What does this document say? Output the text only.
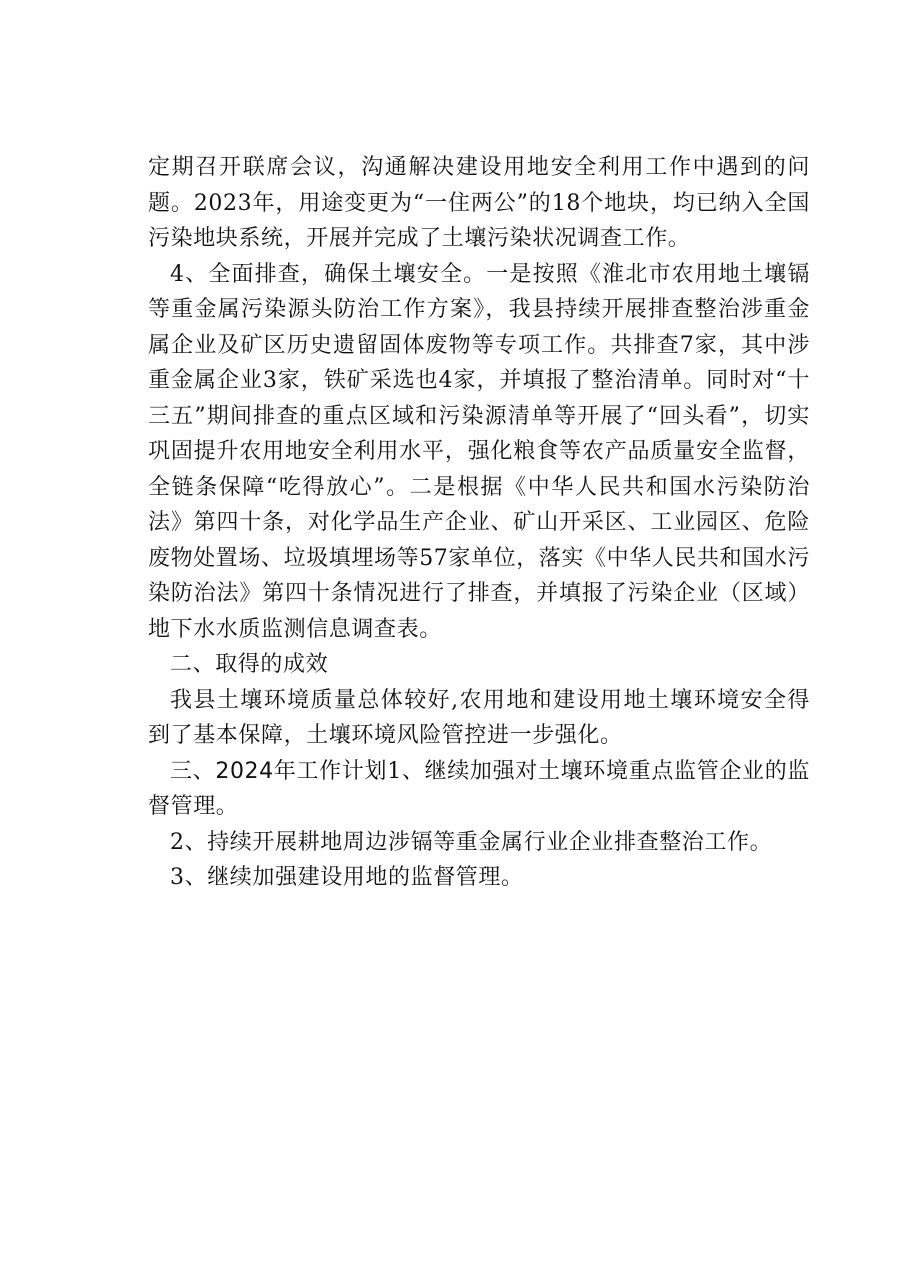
定期召开联席会议，沟通解决建设用地安全利用工作中遇到的问题。2023年，用途变更为“一住两公”的18个地块，均已纳入全国污染地块系统，开展并完成了土壤污染状况调查工作。

4、全面排查，确保土壤安全。一是按照《淮北市农用地土壤镉等重金属污染源头防治工作方案》，我县持续开展排查整治涉重金属企业及矿区历史遗留固体废物等专项工作。共排查7家，其中涉重金属企业3家，铁矿采选也4家，并填报了整治清单。同时对“十三五”期间排查的重点区域和污染源清单等开展了“回头看”，切实巩固提升农用地安全利用水平，强化粮食等农产品质量安全监督，全链条保障“吃得放心”。二是根据《中华人民共和国水污染防治法》第四十条，对化学品生产企业、矿山开采区、工业园区、危险废物处置场、垃圾填埋场等57家单位，落实《中华人民共和国水污染防治法》第四十条情况进行了排查，并填报了污染企业（区域）地下水水质监测信息调查表。

二、取得的成效

我县土壤环境质量总体较好,农用地和建设用地土壤环境安全得到了基本保障，土壤环境风险管控进一步强化。

三、2024年工作计划1、继续加强对土壤环境重点监管企业的监督管理。

2、持续开展耕地周边涉镉等重金属行业企业排查整治工作。

3、继续加强建设用地的监督管理。
